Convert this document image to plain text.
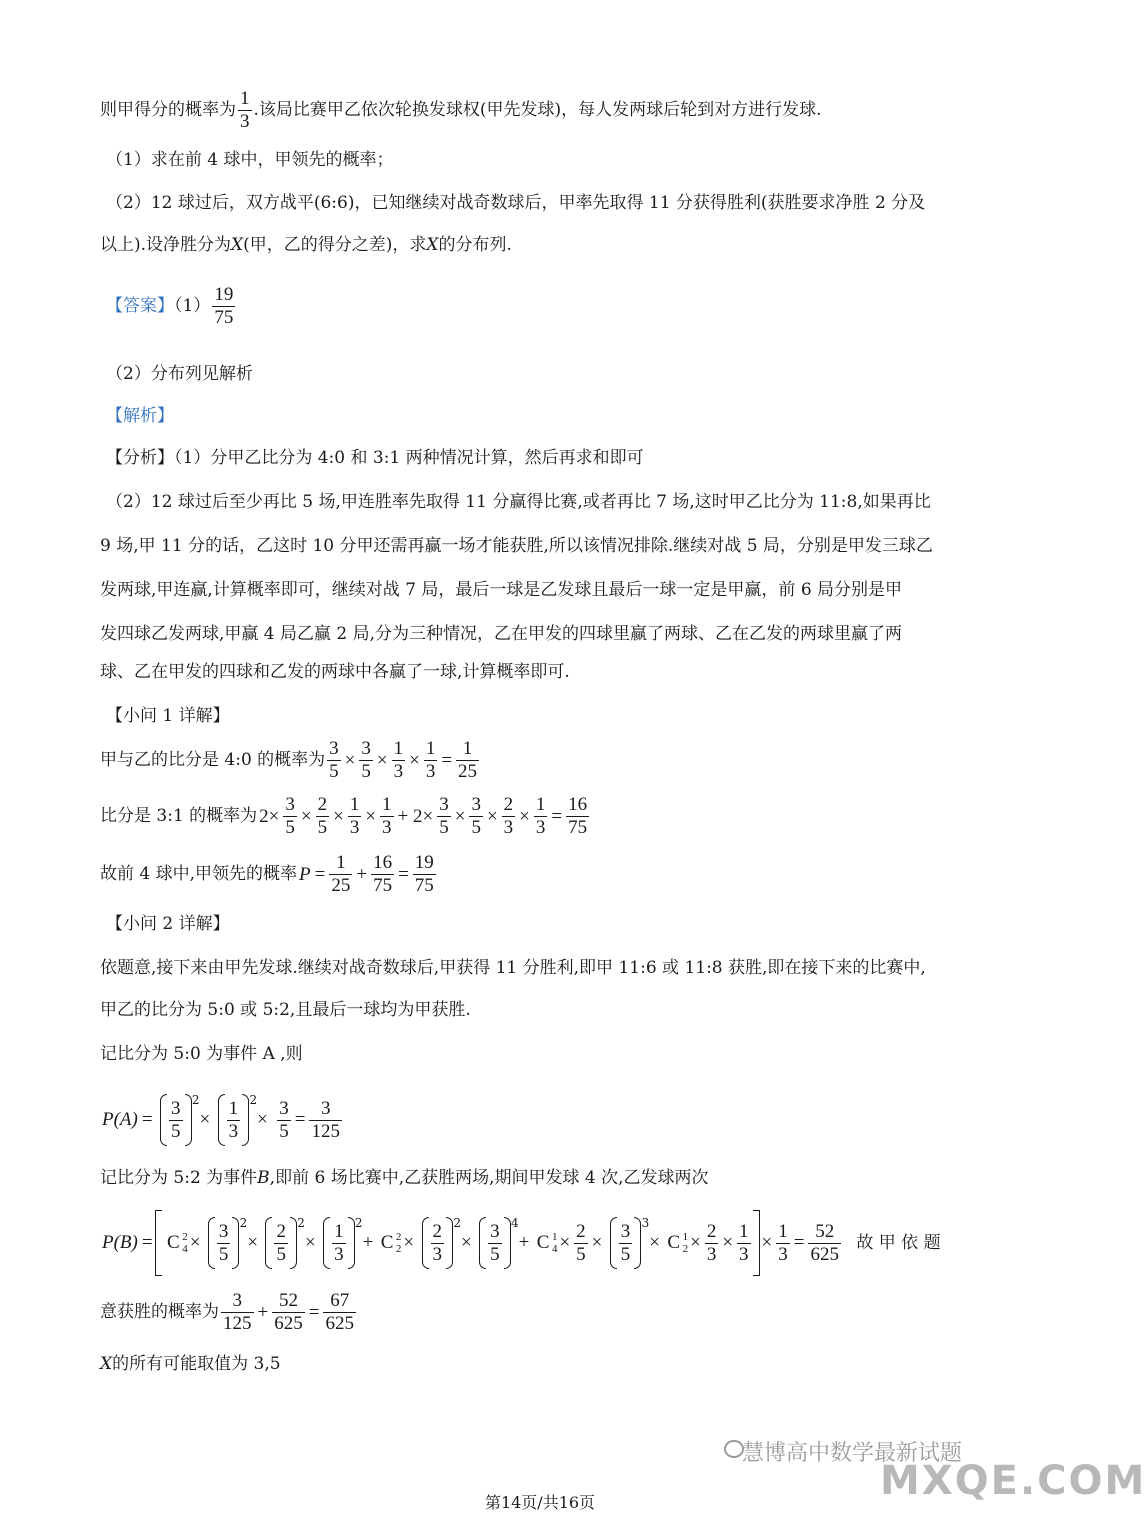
则甲得分的概率为 $\frac{1}{3}$ .该局比赛甲乙依次轮换发球权(甲先发球)，每人发两球后轮到对方进行发球.
（1）求在前 4 球中，甲领先的概率；
（2）12 球过后，双方战平(6:6)，已知继续对战奇数球后，甲率先取得 11 分获得胜利(获胜要求净胜 2 分及
以上).设净胜分为X(甲，乙的得分之差)，求X的分布列.
【答案】$(1) \frac{19}{75}$
（2）分布列见解析
【解析】
【分析】（1）分甲乙比分为 4:0 和 3:1 两种情况计算，然后再求和即可
（2）12 球过后至少再比 5 场,甲连胜率先取得 11 分赢得比赛,或者再比 7 场,这时甲乙比分为 11:8,如果再比
9 场,甲 11 分的话，乙这时 10 分甲还需再赢一场才能获胜,所以该情况排除.继续对战 5 局，分别是甲发三球乙
发两球,甲连赢,计算概率即可，继续对战 7 局，最后一球是乙发球且最后一球一定是甲赢，前 6 局分别是甲
发四球乙发两球,甲赢 4 局乙赢 2 局,分为三种情况，乙在甲发的四球里赢了两球、乙在乙发的两球里赢了两
球、乙在甲发的四球和乙发的两球中各赢了一球,计算概率即可.
【小问 1 详解】
甲与乙的比分是 4:0 的概率为 $\frac{3}{5} \times \frac{3}{5} \times \frac{1}{3} \times \frac{1}{3} = \frac{1}{25}$
比分是 3:1 的概率为 $2\times \frac{3}{5} \times \frac{2}{5} \times \frac{1}{3} \times \frac{1}{3} + 2\times \frac{3}{5} \times \frac{3}{5} \times \frac{2}{3} \times \frac{1}{3} = \frac{16}{75}$
故前 4 球中,甲领先的概率 $P = \frac{1}{25} + \frac{16}{75} = \frac{19}{75}$
【小问 2 详解】
依题意,接下来由甲先发球.继续对战奇数球后,甲获得 11 分胜利,即甲 11:6 或 11:8 获胜,即在接下来的比赛中,
甲乙的比分为 5:0 或 5:2,且最后一球均为甲获胜.
记比分为 5:0 为事件 A ,则
$P(A) = \frac{3}{5} 2$
× $\frac{1}{3} 2$
× $\frac{3}{5} = \frac{3}{125}$
记比分为 5:2 为事件B,即前 6 场比赛中,乙获胜两场,期间甲发球 4 次,乙发球两次
P(B) = C 2
$4 \times \frac{3}{5} 2$
× $\frac{2}{5} 2$
× $\frac{1}{3} 2$
+ C 2
$2 \times \frac{2}{3} 2$
× $\frac{3}{5} 4$
+ C 1
$4 \times \frac{2}{5} \times \frac{3}{5} 3$
× C 1
$2 \times \frac{2}{3} \times \frac{1}{3} \times \frac{1}{3} = \frac{52}{625}$ 故 甲 依 题
意获胜的概率为 $\frac{3}{125} + \frac{52}{625} = \frac{67}{625}$
X的所有可能取值为 3,5
慧博高中数学最新试题
MXQE.COM
第14页/共16页
